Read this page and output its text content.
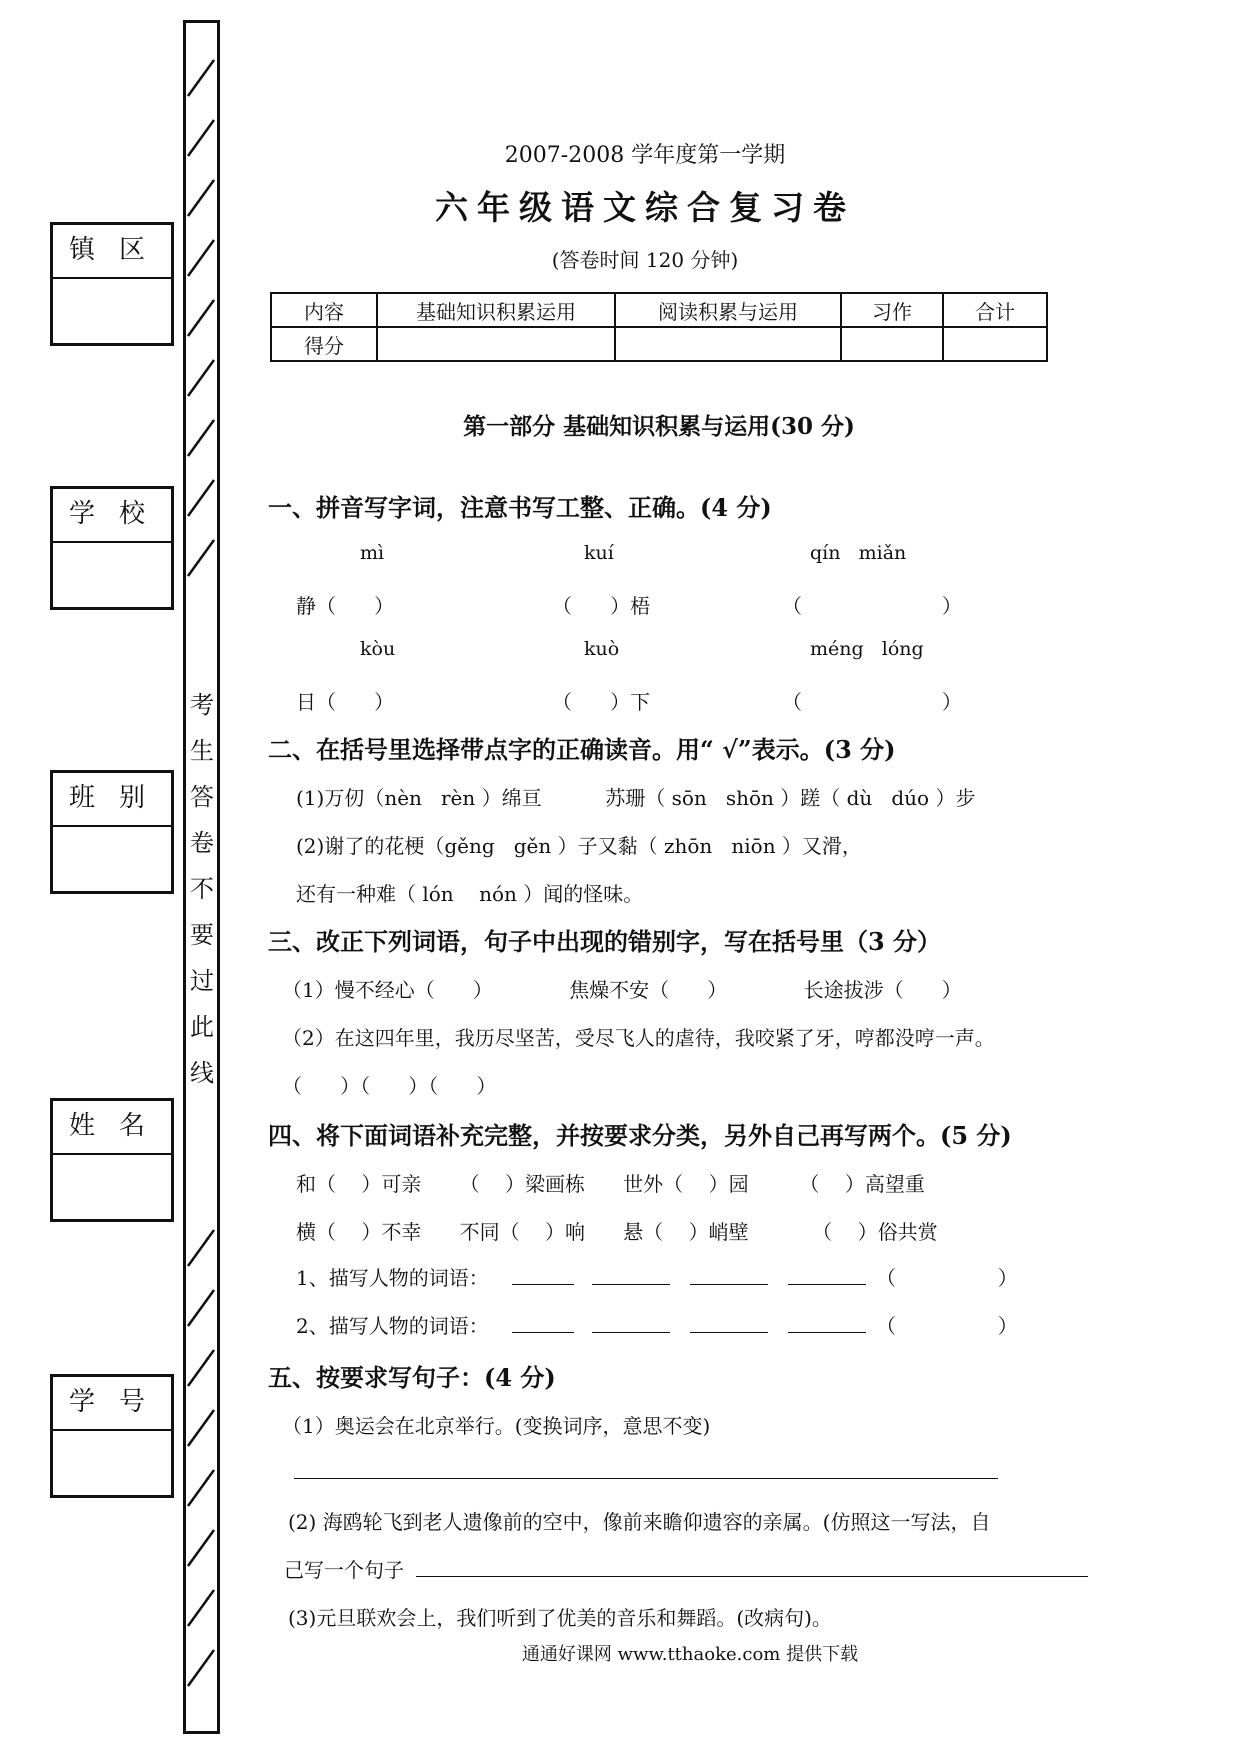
镇区
学校
班别
姓名
学号
考
生
答
卷
不
要
过
此
线
2007-2008 学年度第一学期
六年级语文综合复习卷
(答卷时间 120 分钟)
内容	基础知识积累运用	阅读积累与运用	习作	合计
得分				
第一部分 基础知识积累与运用(30 分)
一、拼音写字词，注意书写工整、正确。(4 分)
mì	kuí	qín   miǎn
静（      ）	（      ）梧	（                      ）
kòu	kuò	méng   lóng
日（      ）	（      ）下	（                      ）
二、在括号里选择带点字的正确读音。用“ √”表示。(3 分)
(1)万仞（nèn   rèn ）绵亘          苏珊（ sōn   shōn ）蹉（ dù   dúo ）步
(2)谢了的花梗（gěng   gěn ）子又黏（ zhōn   niōn ）又滑，
还有一种难（ lón    nón ）闻的怪味。
三、改正下列词语，句子中出现的错别字，写在括号里（3 分）
（1）慢不经心（      ）            焦燥不安（      ）            长途拔涉（      ）
（2）在这四年里，我历尽坚苦，受尽飞人的虐待，我咬紧了牙，哼都没哼一声。
（      ）（      ）（      ）
四、将下面词语补充完整，并按要求分类，另外自己再写两个。(5 分)
和（    ）可亲      （    ）梁画栋      世外（    ）园        （    ）高望重
横（    ）不幸      不同（    ）响      悬（    ）峭壁          （    ）俗共赏
1、描写人物的词语：	（                ）
2、描写人物的词语：	（                ）
五、按要求写句子：(4 分)
（1）奥运会在北京举行。(变换词序，意思不变)
(2) 海鸥轮飞到老人遗像前的空中，像前来瞻仰遗容的亲属。(仿照这一写法，自
己写一个句子
(3)元旦联欢会上，我们听到了优美的音乐和舞蹈。(改病句)。
通通好课网 www.tthaoke.com 提供下载
